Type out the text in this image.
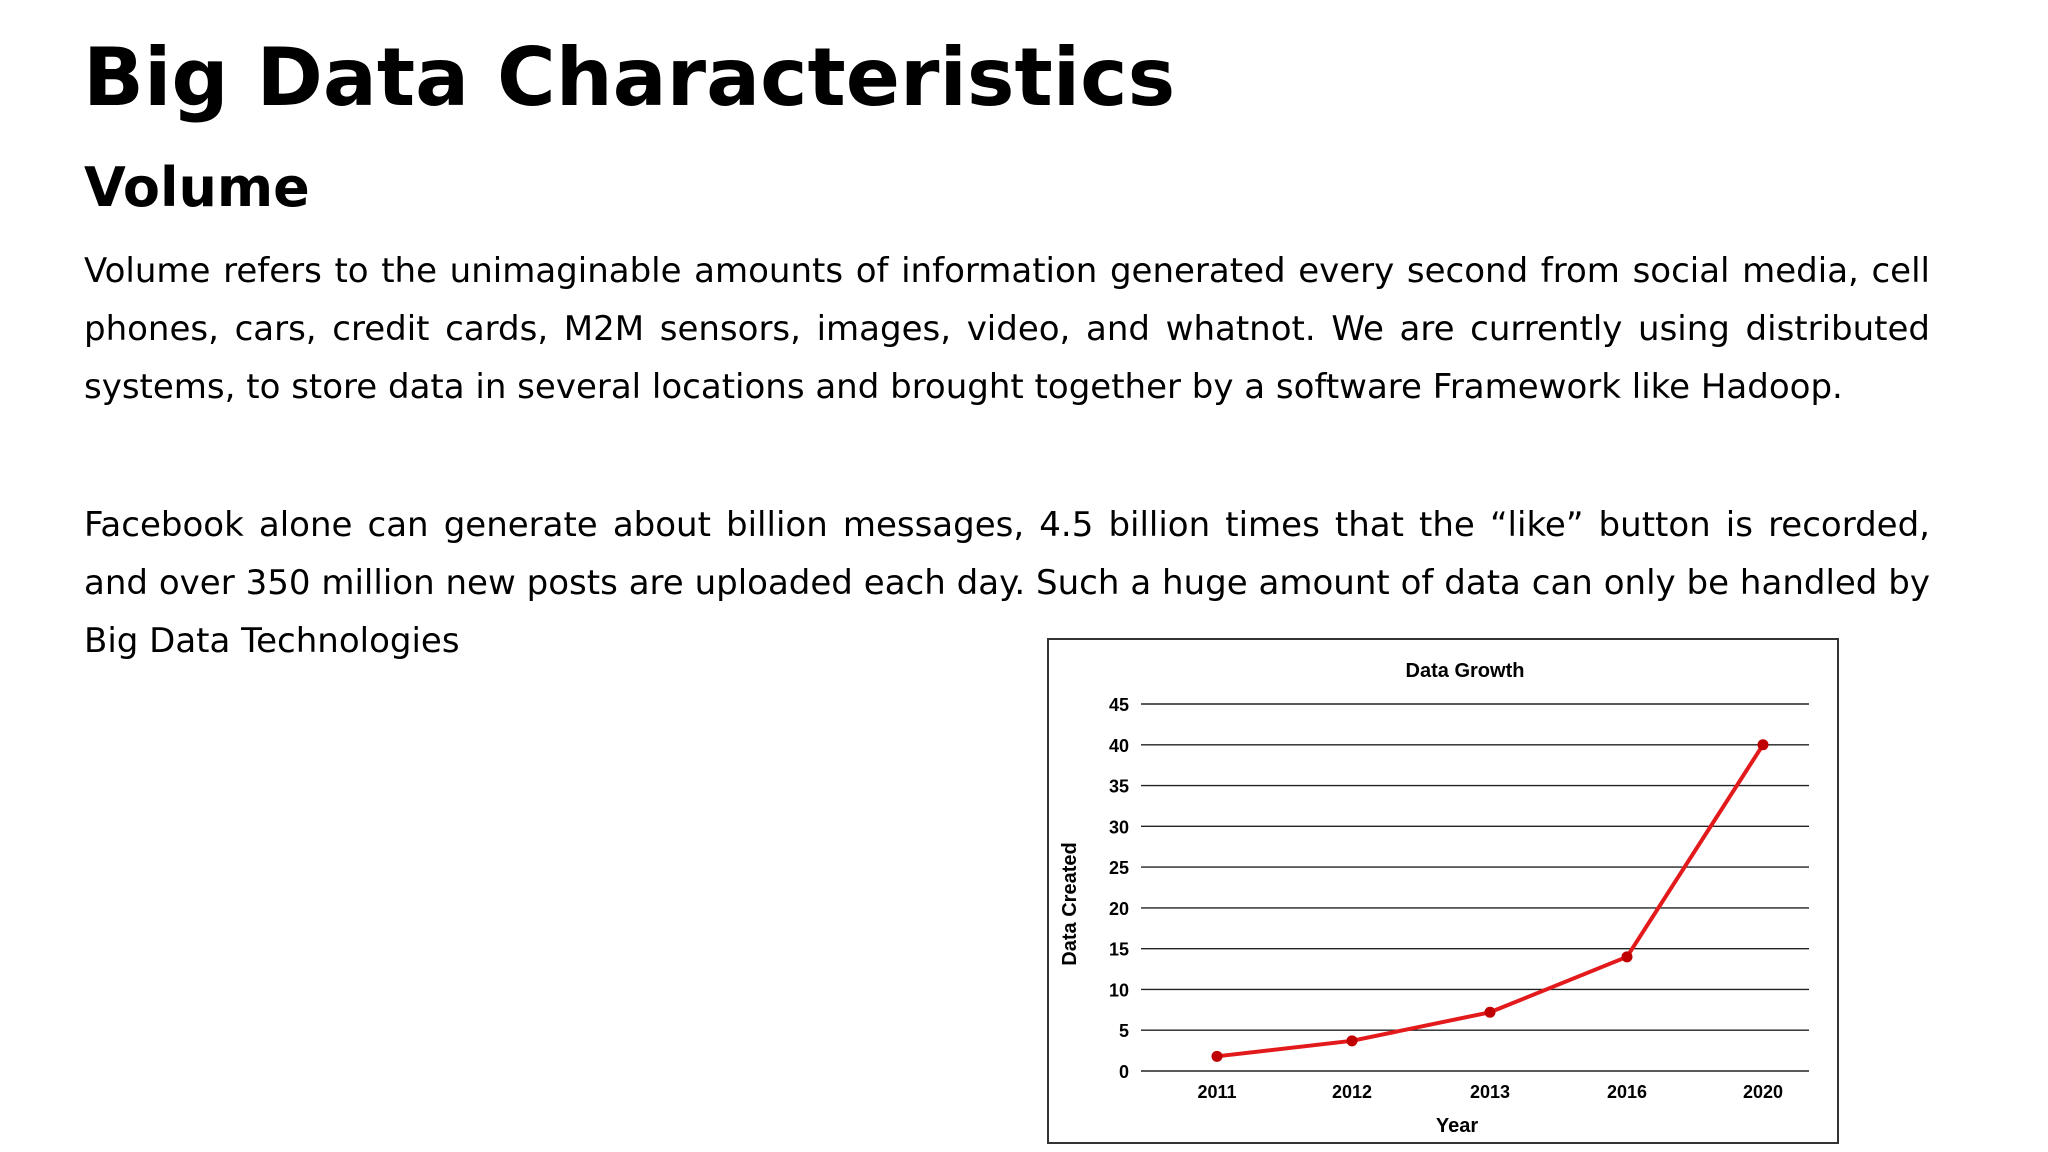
Big Data Characteristics
Volume

Volume refers to the unimaginable amounts of information generated every second from social media, cell phones, cars, credit cards, M2M sensors, images, video, and whatnot. We are currently using distributed systems, to store data in several locations and brought together by a software Framework like Hadoop.

Facebook alone can generate about billion messages, 4.5 billion times that the “like” button is recorded, and over 350 million new posts are uploaded each day. Such a huge amount of data can only be handled by Big Data Technologies

Data Growth
Year
Data Created
0
5
10
15
20
25
30
35
40
45
2011	2012	2013	2016	2020
